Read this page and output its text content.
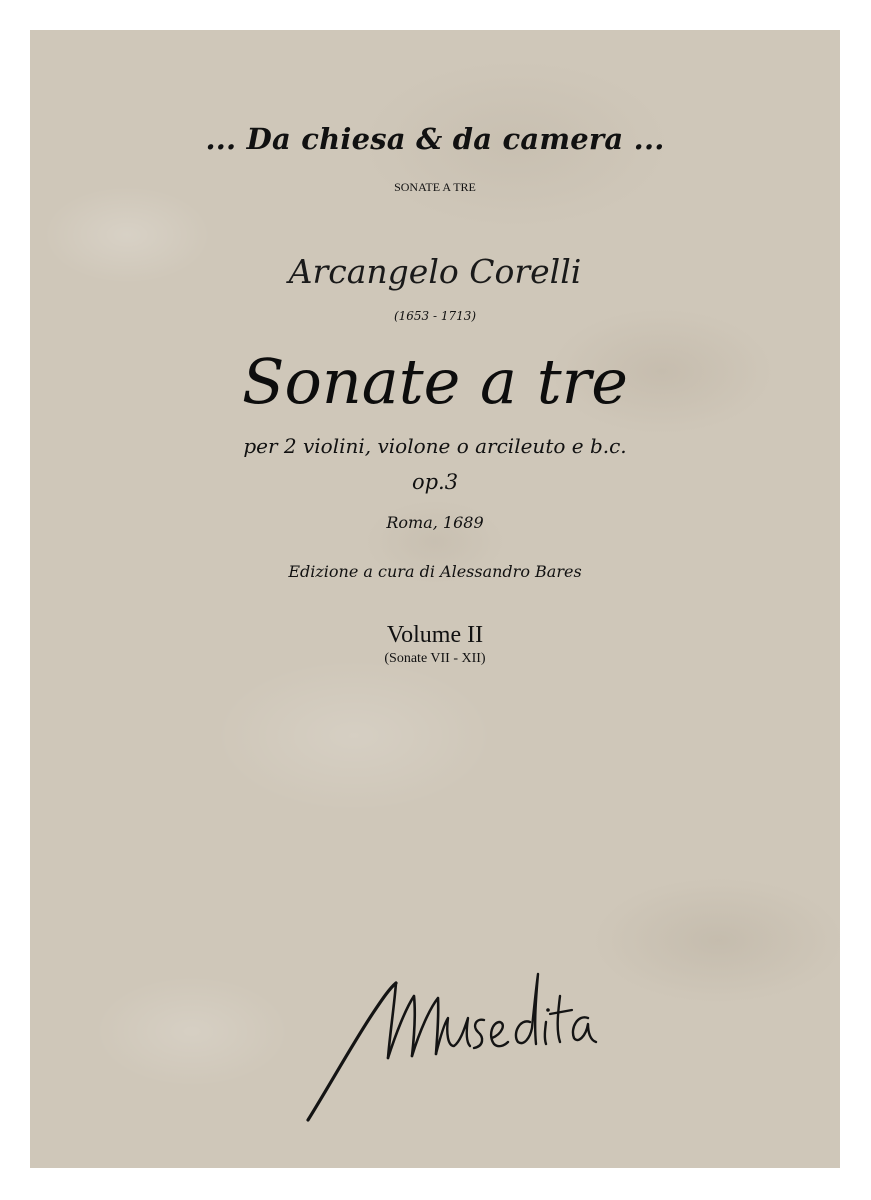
... Da chiesa & da camera ...
SONATE A TRE
Arcangelo Corelli
(1653 - 1713)
Sonate a tre
per 2 violini, violone o arcileuto e b.c.
op.3
Roma, 1689
Edizione a cura di Alessandro Bares
Volume II
(Sonate VII - XII)
